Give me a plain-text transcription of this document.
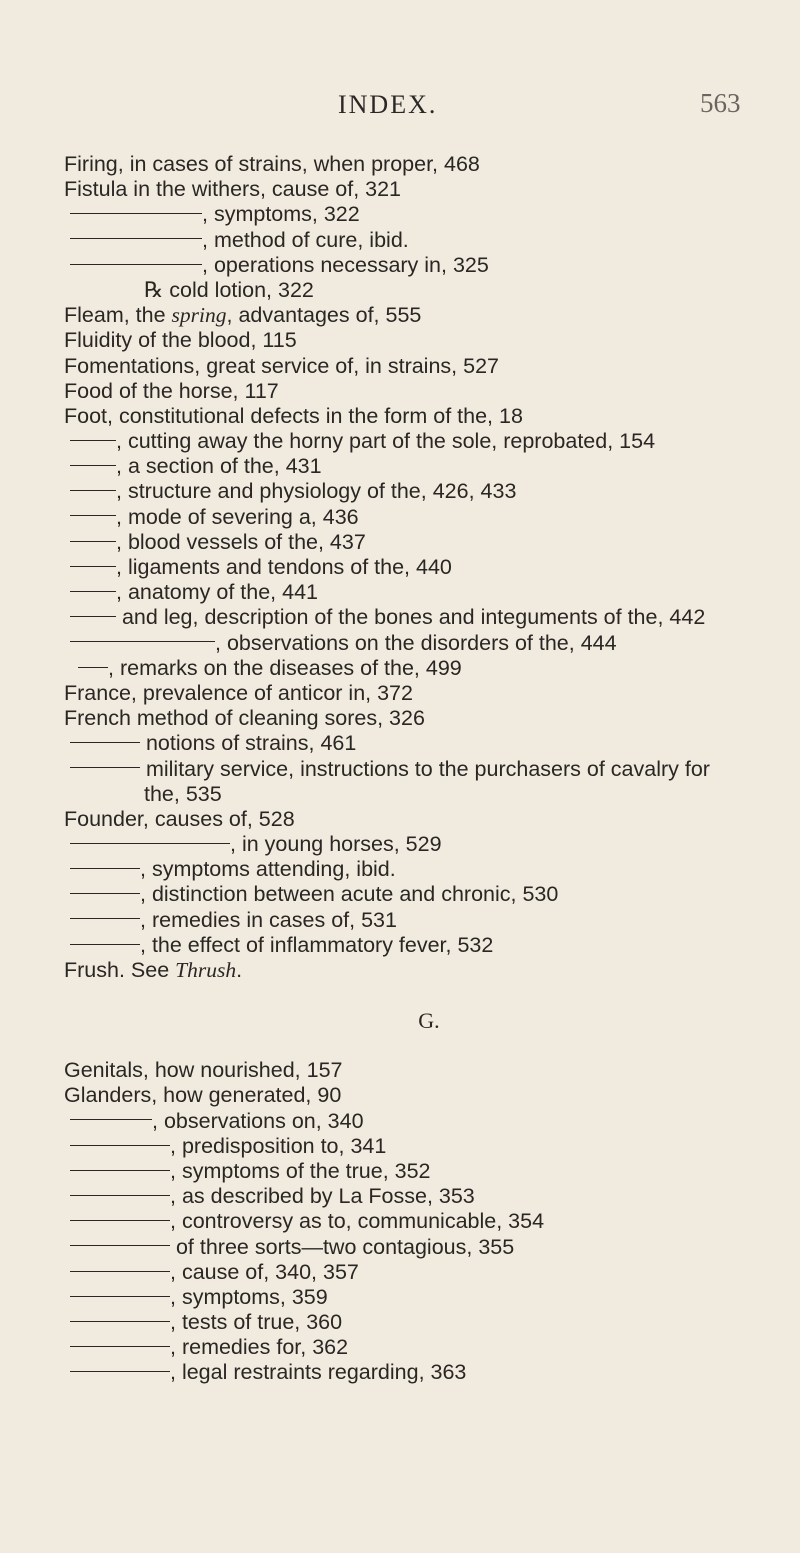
INDEX.	563
Firing, in cases of strains, when proper, 468
Fistula in the withers, cause of, 321
, symptoms, 322
, method of cure, ibid.
, operations necessary in, 325
℞ cold lotion, 322
Fleam, the spring, advantages of, 555
Fluidity of the blood, 115
Fomentations, great service of, in strains, 527
Food of the horse, 117
Foot, constitutional defects in the form of the, 18
, cutting away the horny part of the sole, reprobated, 154
, a section of the, 431
, structure and physiology of the, 426, 433
, mode of severing a, 436
, blood vessels of the, 437
, ligaments and tendons of the, 440
, anatomy of the, 441
and leg, description of the bones and integuments of the, 442
, observations on the disorders of the, 444
, remarks on the diseases of the, 499
France, prevalence of anticor in, 372
French method of cleaning sores, 326
notions of strains, 461
military service, instructions to the purchasers of cavalry for
the, 535
Founder, causes of, 528
, in young horses, 529
, symptoms attending, ibid.
, distinction between acute and chronic, 530
, remedies in cases of, 531
, the effect of inflammatory fever, 532
Frush. See Thrush.
G.
Genitals, how nourished, 157
Glanders, how generated, 90
, observations on, 340
, predisposition to, 341
, symptoms of the true, 352
, as described by La Fosse, 353
, controversy as to, communicable, 354
of three sorts—two contagious, 355
, cause of, 340, 357
, symptoms, 359
, tests of true, 360
, remedies for, 362
, legal restraints regarding, 363
